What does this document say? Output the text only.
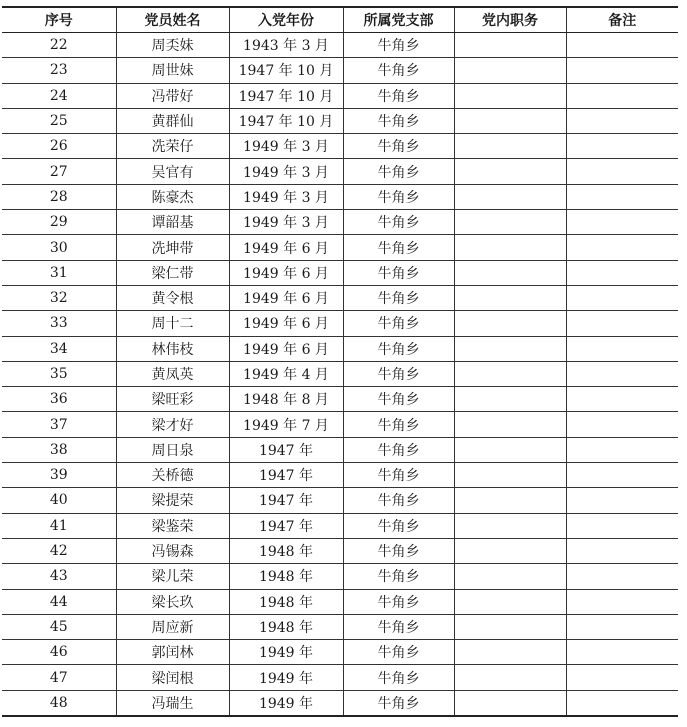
序号	党员姓名	入党年份	所属党支部	党内职务	备注
22	周奀妹	1943 年 3 月	牛角乡		
23	周世妹	1947 年 10 月	牛角乡		
24	冯带好	1947 年 10 月	牛角乡		
25	黄群仙	1947 年 10 月	牛角乡		
26	冼荣仔	1949 年 3 月	牛角乡		
27	吴官有	1949 年 3 月	牛角乡		
28	陈豪杰	1949 年 3 月	牛角乡		
29	谭韶基	1949 年 3 月	牛角乡		
30	冼坤带	1949 年 6 月	牛角乡		
31	梁仁带	1949 年 6 月	牛角乡		
32	黄令根	1949 年 6 月	牛角乡		
33	周十二	1949 年 6 月	牛角乡		
34	林伟枝	1949 年 6 月	牛角乡		
35	黄凤英	1949 年 4 月	牛角乡		
36	梁旺彩	1948 年 8 月	牛角乡		
37	梁才好	1949 年 7 月	牛角乡		
38	周日泉	1947 年	牛角乡		
39	关桥德	1947 年	牛角乡		
40	梁提荣	1947 年	牛角乡		
41	梁鉴荣	1947 年	牛角乡		
42	冯锡森	1948 年	牛角乡		
43	梁儿荣	1948 年	牛角乡		
44	梁长玖	1948 年	牛角乡		
45	周应新	1948 年	牛角乡		
46	郭闰林	1949 年	牛角乡		
47	梁闰根	1949 年	牛角乡		
48	冯瑞生	1949 年	牛角乡		
